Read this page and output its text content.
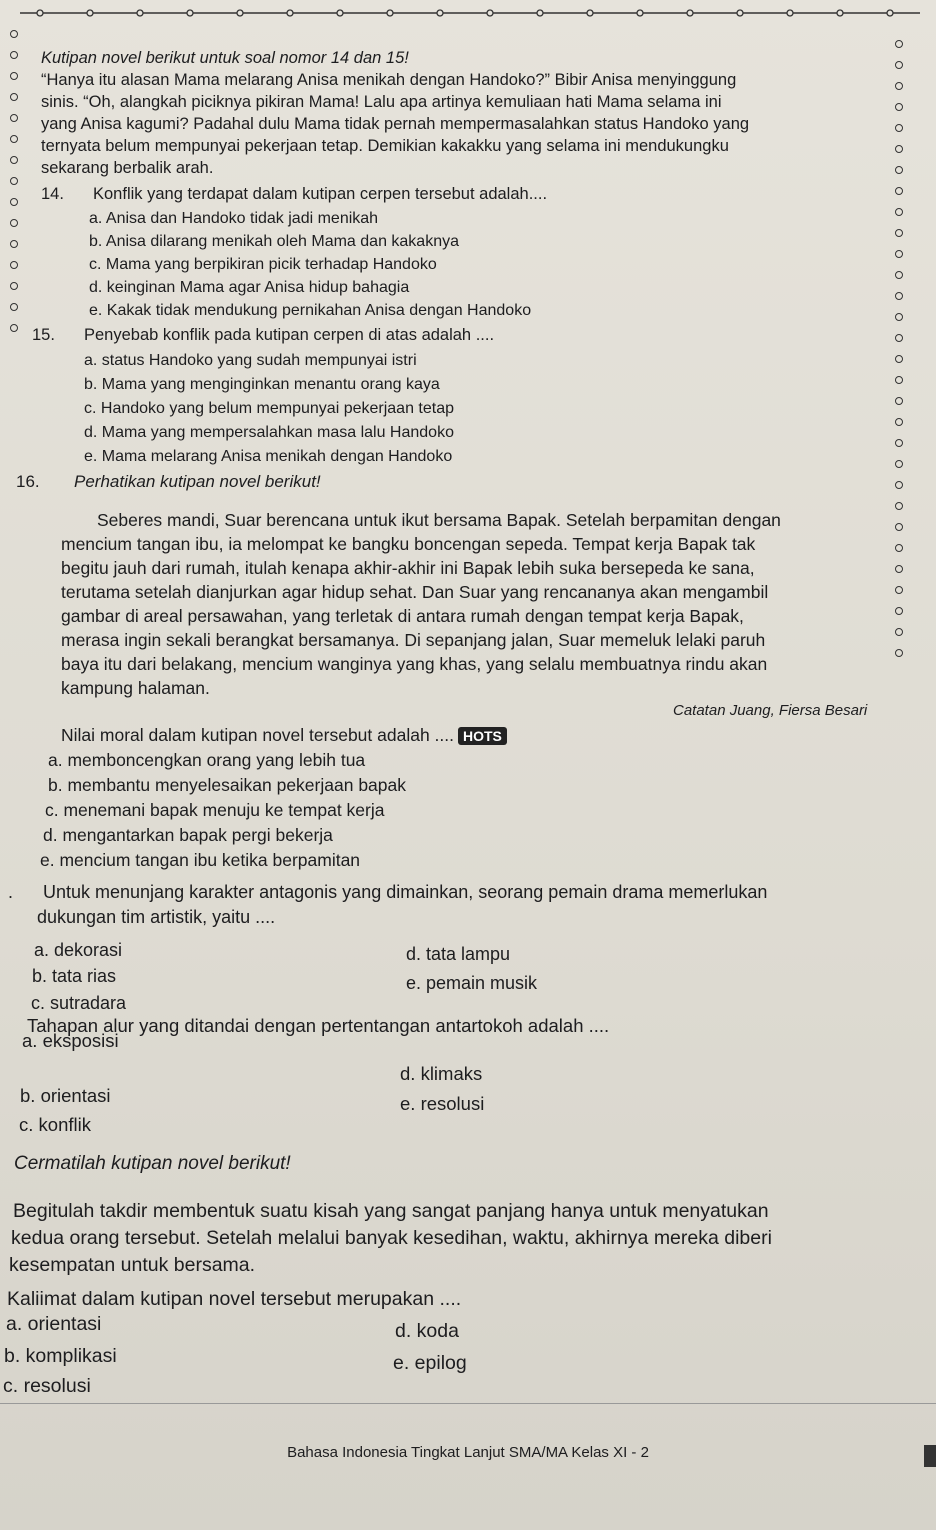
Kutipan novel berikut untuk soal nomor 14 dan 15!
“Hanya itu alasan Mama melarang Anisa menikah dengan Handoko?” Bibir Anisa menyinggung
sinis. “Oh, alangkah piciknya pikiran Mama! Lalu apa artinya kemuliaan hati Mama selama ini
yang Anisa kagumi? Padahal dulu Mama tidak pernah mempermasalahkan status Handoko yang
ternyata belum mempunyai pekerjaan tetap. Demikian kakakku yang selama ini mendukungku
sekarang berbalik arah.
14. Konflik yang terdapat dalam kutipan cerpen tersebut adalah....
a. Anisa dan Handoko tidak jadi menikah
b. Anisa dilarang menikah oleh Mama dan kakaknya
c. Mama yang berpikiran picik terhadap Handoko
d. keinginan Mama agar Anisa hidup bahagia
e. Kakak tidak mendukung pernikahan Anisa dengan Handoko
15. Penyebab konflik pada kutipan cerpen di atas adalah ....
a. status Handoko yang sudah mempunyai istri
b. Mama yang menginginkan menantu orang kaya
c. Handoko yang belum mempunyai pekerjaan tetap
d. Mama yang mempersalahkan masa lalu Handoko
e. Mama melarang Anisa menikah dengan Handoko
16. Perhatikan kutipan novel berikut!
Seberes mandi, Suar berencana untuk ikut bersama Bapak. Setelah berpamitan dengan
mencium tangan ibu, ia melompat ke bangku boncengan sepeda. Tempat kerja Bapak tak
begitu jauh dari rumah, itulah kenapa akhir-akhir ini Bapak lebih suka bersepeda ke sana,
terutama setelah dianjurkan agar hidup sehat. Dan Suar yang rencananya akan mengambil
gambar di areal persawahan, yang terletak di antara rumah dengan tempat kerja Bapak,
merasa ingin sekali berangkat bersamanya. Di sepanjang jalan, Suar memeluk lelaki paruh
baya itu dari belakang, mencium wanginya yang khas, yang selalu membuatnya rindu akan
kampung halaman.
Catatan Juang, Fiersa Besari
Nilai moral dalam kutipan novel tersebut adalah .... HOTS
a. memboncengkan orang yang lebih tua
b. membantu menyelesaikan pekerjaan bapak
c. menemani bapak menuju ke tempat kerja
d. mengantarkan bapak pergi bekerja
e. mencium tangan ibu ketika berpamitan
. Untuk menunjang karakter antagonis yang dimainkan, seorang pemain drama memerlukan
dukungan tim artistik, yaitu ....
a. dekorasi	d. tata lampu
b. tata rias	e. pemain musik
c. sutradara
Tahapan alur yang ditandai dengan pertentangan antartokoh adalah ....
a. eksposisi
d. klimaks
b. orientasi	e. resolusi
c. konflik
Cermatilah kutipan novel berikut!
Begitulah takdir membentuk suatu kisah yang sangat panjang hanya untuk menyatukan
kedua orang tersebut. Setelah melalui banyak kesedihan, waktu, akhirnya mereka diberi
kesempatan untuk bersama.
Kaliimat dalam kutipan novel tersebut merupakan ....
a. orientasi	d. koda
b. komplikasi	e. epilog
c. resolusi
Bahasa Indonesia Tingkat Lanjut SMA/MA Kelas XI - 2
